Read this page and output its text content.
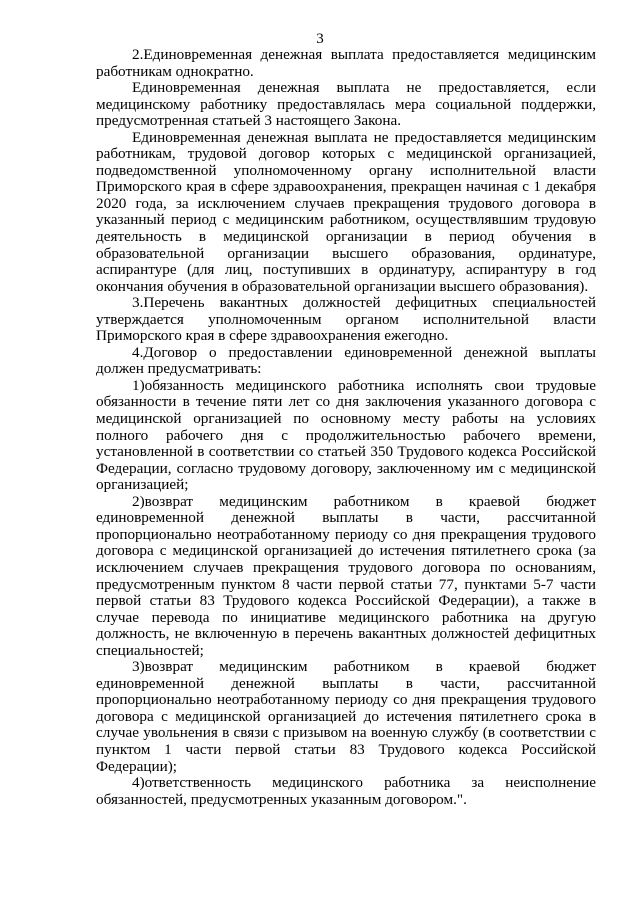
3

2.Единовременная денежная выплата предоставляется медицинским работникам однократно.

Единовременная денежная выплата не предоставляется, если медицинскому работнику предоставлялась мера социальной поддержки, предусмотренная статьей 3 настоящего Закона.

Единовременная денежная выплата не предоставляется медицинским работникам, трудовой договор которых с медицинской организацией, подведомственной уполномоченному органу исполнительной власти Приморского края в сфере здравоохранения, прекращен начиная с 1 декабря 2020 года, за исключением случаев прекращения трудового договора в указанный период с медицинским работником, осуществлявшим трудовую деятельность в медицинской организации в период обучения в образовательной организации высшего образования, ординатуре, аспирантуре (для лиц, поступивших в ординатуру, аспирантуру в год окончания обучения в образовательной организации высшего образования).

3.Перечень вакантных должностей дефицитных специальностей утверждается уполномоченным органом исполнительной власти Приморского края в сфере здравоохранения ежегодно.

4.Договор о предоставлении единовременной денежной выплаты должен предусматривать:

1)обязанность медицинского работника исполнять свои трудовые обязанности в течение пяти лет со дня заключения указанного договора с медицинской организацией по основному месту работы на условиях полного рабочего дня с продолжительностью рабочего времени, установленной в соответствии со статьей 350 Трудового кодекса Российской Федерации, согласно трудовому договору, заключенному им с медицинской организацией;

2)возврат медицинским работником в краевой бюджет единовременной денежной выплаты в части, рассчитанной пропорционально неотработанному периоду со дня прекращения трудового договора с медицинской организацией до истечения пятилетнего срока (за исключением случаев прекращения трудового договора по основаниям, предусмотренным пунктом 8 части первой статьи 77, пунктами 5-7 части первой статьи 83 Трудового кодекса Российской Федерации), а также в случае перевода по инициативе медицинского работника на другую должность, не включенную в перечень вакантных должностей дефицитных специальностей;

3)возврат медицинским работником в краевой бюджет единовременной денежной выплаты в части, рассчитанной пропорционально неотработанному периоду со дня прекращения трудового договора с медицинской организацией до истечения пятилетнего срока в случае увольнения в связи с призывом на военную службу (в соответствии с пунктом 1 части первой статьи 83 Трудового кодекса Российской Федерации);

4)ответственность медицинского работника за неисполнение обязанностей, предусмотренных указанным договором.".
